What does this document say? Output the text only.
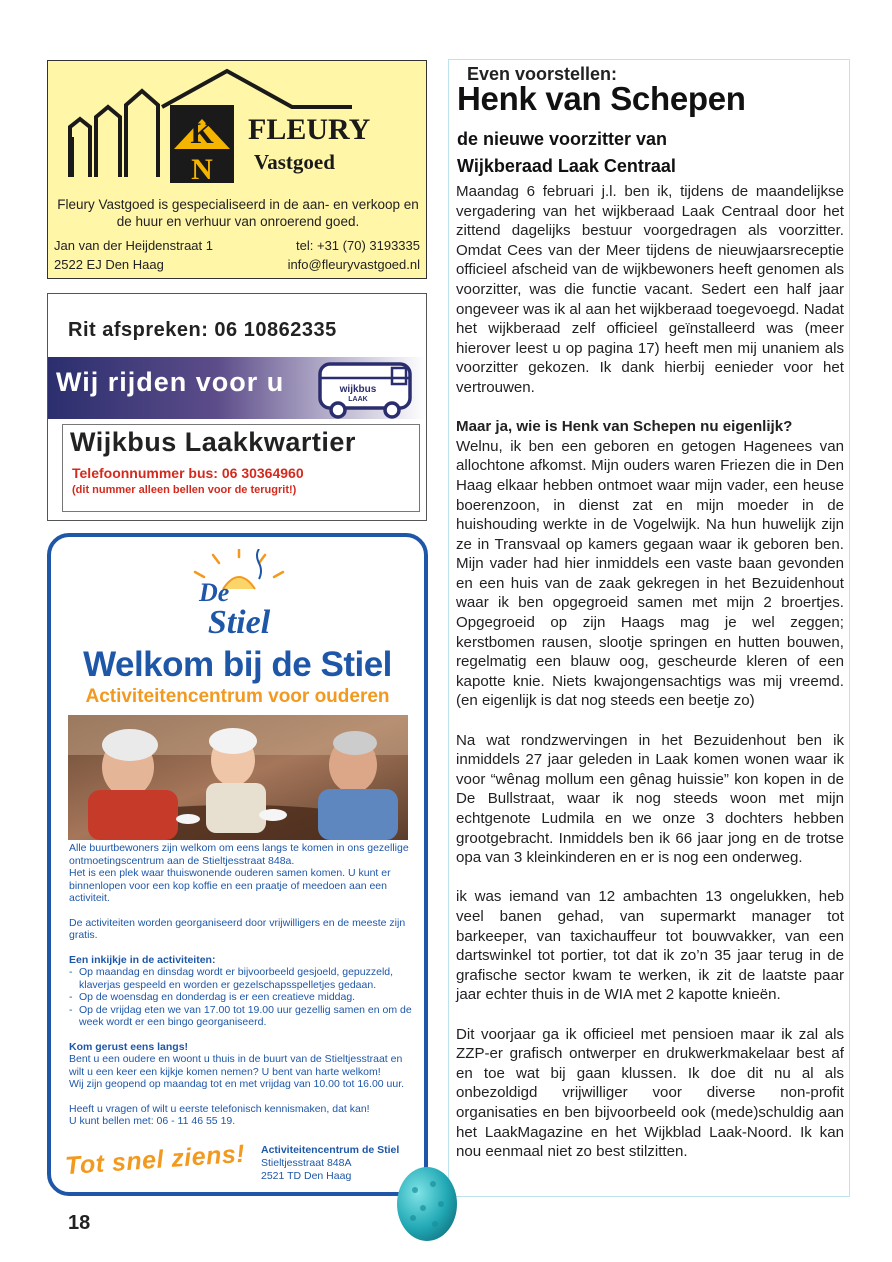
K
N
FLEURY
Vastgoed
Fleury Vastgoed is gespecialiseerd in de aan- en verkoop en de huur en verhuur van onroerend goed.
Jan van der Heijdenstraat 1
2522 EJ Den Haag
tel: +31 (70) 3193335
info@fleuryvastgoed.nl
Rit afspreken: 06 10862335
Wij rijden voor u	wijkbus
LAAK
Wijkbus Laakkwartier
Telefoonnummer bus: 06 30364960
(dit nummer alleen bellen voor de terugrit!)
De
Stiel
Welkom bij de Stiel
Activiteitencentrum voor ouderen

Alle buurtbewoners zijn welkom om eens langs te komen in ons gezellige ontmoetingscentrum aan de Stieltjesstraat 848a.
Het is een plek waar thuiswonende ouderen samen komen. U kunt er binnenlopen voor een kop koffie en een praatje of meedoen aan een activiteit.

De activiteiten worden georganiseerd door vrijwilligers en de meeste zijn gratis.

Een inkijkje in de activiteiten:

- Op maandag en dinsdag wordt er bijvoorbeeld gesjoeld, gepuzzeld, klaverjas gespeeld en worden er gezelschapsspelletjes gedaan.
- Op de woensdag en donderdag is er een creatieve middag.
- Op de vrijdag eten we van 17.00 tot 19.00 uur gezellig samen en om de week wordt er een bingo georganiseerd.

Kom gerust eens langs!

Bent u een oudere en woont u thuis in de buurt van de Stieltjesstraat en wilt u een keer een kijkje komen nemen? U bent van harte welkom!
Wij zijn geopend op maandag tot en met vrijdag van 10.00 tot 16.00 uur.

Heeft u vragen of wilt u eerste telefonisch kennismaken, dat kan!
U kunt bellen met: 06 - 11 46 55 19.

Tot snel ziens! Activiteitencentrum de Stiel
Stieltjesstraat 848A
2521 TD Den Haag
18
Even voorstellen:
Henk van Schepen
de nieuwe voorzitter van
Wijkberaad Laak Centraal

Maandag 6 februari j.l. ben ik, tijdens de maandelijkse vergadering van het wijkberaad Laak Centraal door het zittend dagelijks bestuur voorgedragen als voorzitter. Omdat Cees van der Meer tijdens de nieuwjaarsreceptie officieel afscheid van de wijkbewoners heeft genomen als voorzitter, was die functie vacant. Sedert een half jaar ongeveer was ik al aan het wijkberaad toegevoegd. Nadat het wijkberaad zelf officieel geïnstalleerd was (meer hierover leest u op pagina 17) heeft men mij unaniem als voorzitter gekozen. Ik dank hierbij eenieder voor het vertrouwen.

Maar ja, wie is Henk van Schepen nu eigenlijk?
Welnu, ik ben een geboren en getogen Hagenees van allochtone afkomst. Mijn ouders waren Friezen die in Den Haag elkaar hebben ontmoet waar mijn vader, een heuse boerenzoon, in dienst zat en mijn moeder in de huishouding werkte in de Vogelwijk. Na hun huwelijk zijn ze in Transvaal op kamers gegaan waar ik geboren ben. Mijn vader had hier inmiddels een vaste baan gevonden en een huis van de zaak gekregen in het Bezuidenhout waar ik ben opgegroeid samen met mijn 2 broertjes. Opgegroeid op zijn Haags mag je wel zeggen; kerstbomen rausen, slootje springen en hutten bouwen, regelmatig een blauw oog, gescheurde kleren of een kapotte knie. Niets kwajongensachtigs was mij vreemd. (en eigenlijk is dat nog steeds een beetje zo)

Na wat rondzwervingen in het Bezuidenhout ben ik inmiddels 27 jaar geleden in Laak komen wonen waar ik voor “wênag mollum een gênag huissie” kon kopen in de De Bullstraat, waar ik nog steeds woon met mijn echtgenote Ludmila en we onze 3 dochters hebben grootgebracht. Inmiddels ben ik 66 jaar jong en de trotse opa van 3 kleinkinderen en er is nog een onderweg.

ik was iemand van 12 ambachten 13 ongelukken, heb veel banen gehad, van supermarkt manager tot barkeeper, van taxichauffeur tot bouwvakker, van een dartswinkel tot portier, tot dat ik zo’n 35 jaar terug in de grafische sector kwam te werken, ik zit de laatste paar jaar echter thuis in de WIA met 2 kapotte knieën.

Dit voorjaar ga ik officieel met pensioen maar ik zal als ZZP-er grafisch ontwerper en drukwerkmakelaar best af en toe wat bij gaan klussen. Ik doe dit nu al als onbezoldigd vrijwilliger voor diverse non-profit organisaties en ben bijvoorbeeld ook (mede)schuldig aan het LaakMagazine en het Wijkblad Laak-Noord. Ik kan nou eenmaal niet zo best stilzitten.
